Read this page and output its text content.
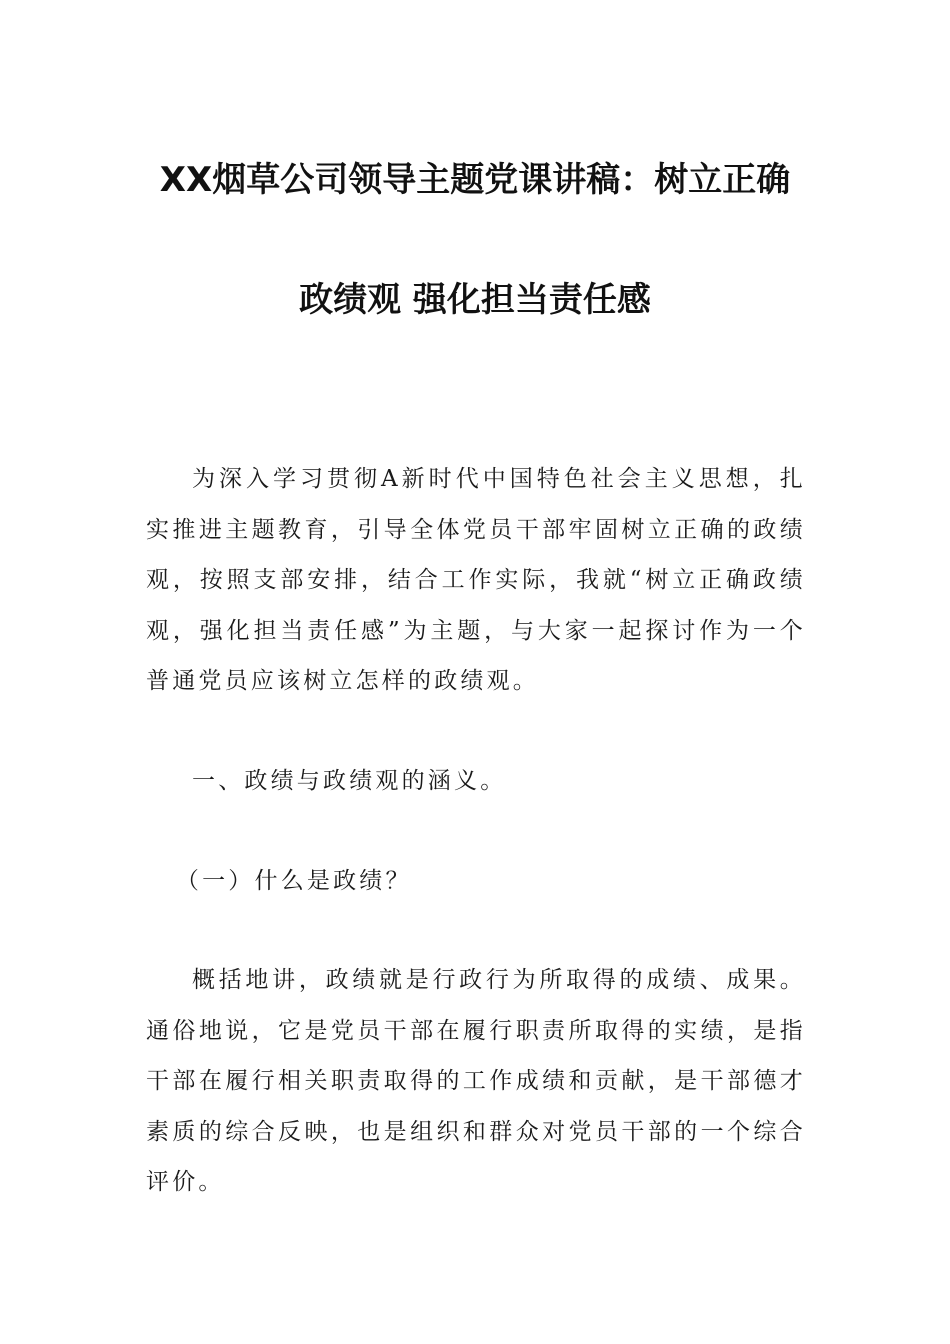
XX烟草公司领导主题党课讲稿：树立正确
政绩观 强化担当责任感

为深入学习贯彻A新时代中国特色社会主义思想，扎实推进主题教育，引导全体党员干部牢固树立正确的政绩观，按照支部安排，结合工作实际，我就“树立正确政绩观，强化担当责任感”为主题，与大家一起探讨作为一个普通党员应该树立怎样的政绩观。

一、政绩与政绩观的涵义。

（一）什么是政绩？

概括地讲，政绩就是行政行为所取得的成绩、成果。通俗地说，它是党员干部在履行职责所取得的实绩，是指干部在履行相关职责取得的工作成绩和贡献，是干部德才素质的综合反映，也是组织和群众对党员干部的一个综合评价。
